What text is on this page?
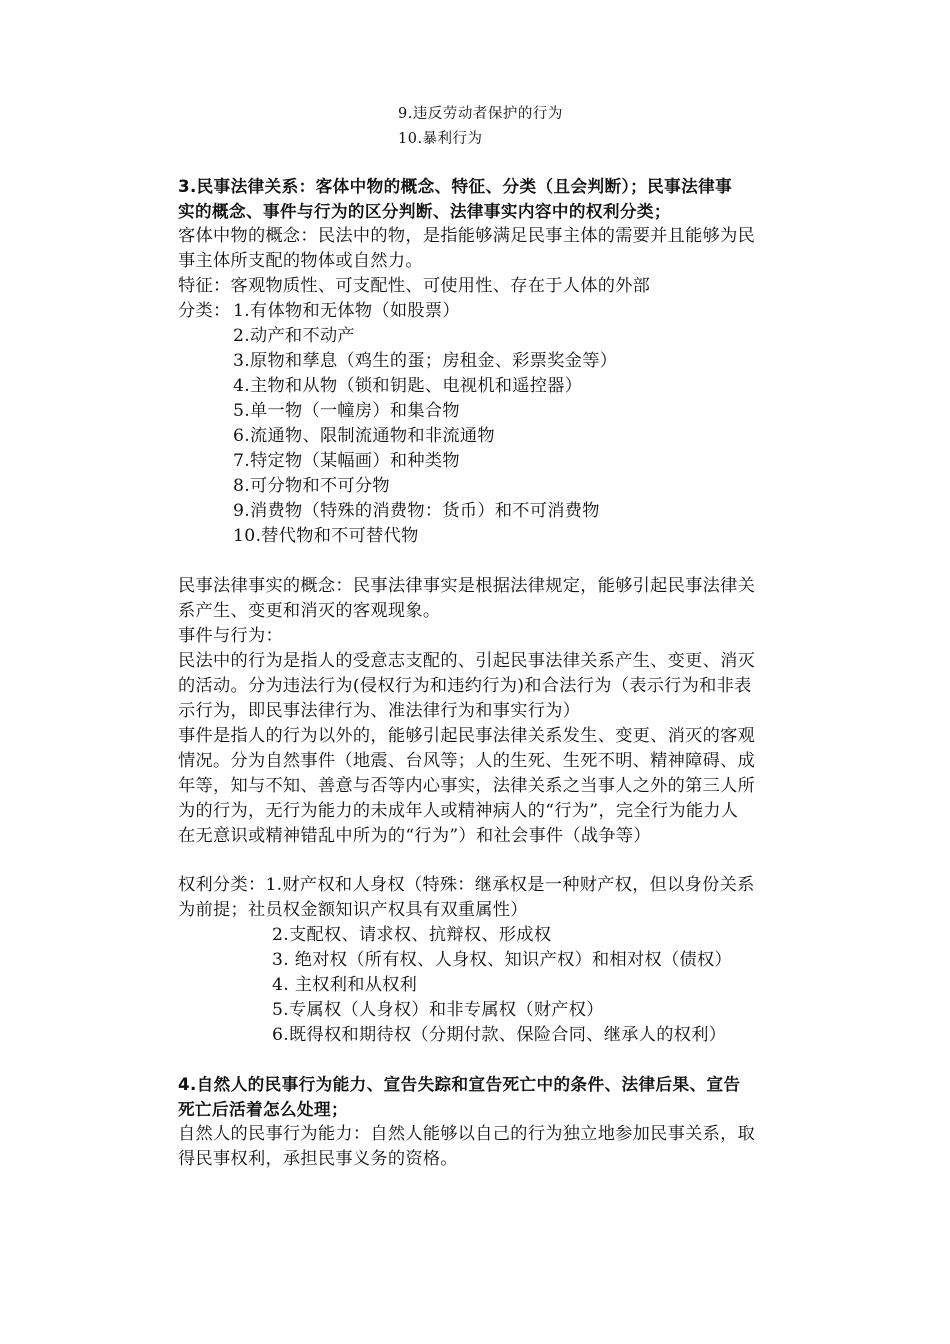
9.违反劳动者保护的行为

10.暴利行为

3.民事法律关系：客体中物的概念、特征、分类（且会判断）；民事法律事

实的概念、事件与行为的区分判断、法律事实内容中的权利分类；

客体中物的概念：民法中的物，是指能够满足民事主体的需要并且能够为民

事主体所支配的物体或自然力。

特征：客观物质性、可支配性、可使用性、存在于人体的外部

分类： 1.有体物和无体物（如股票）

2.动产和不动产

3.原物和孳息（鸡生的蛋；房租金、彩票奖金等）

4.主物和从物（锁和钥匙、电视机和遥控器）

5.单一物（一幢房）和集合物

6.流通物、限制流通物和非流通物

7.特定物（某幅画）和种类物

8.可分物和不可分物

9.消费物（特殊的消费物：货币）和不可消费物

10.替代物和不可替代物

民事法律事实的概念：民事法律事实是根据法律规定，能够引起民事法律关

系产生、变更和消灭的客观现象。

事件与行为：

民法中的行为是指人的受意志支配的、引起民事法律关系产生、变更、消灭

的活动。分为违法行为(侵权行为和违约行为)和合法行为（表示行为和非表

示行为，即民事法律行为、准法律行为和事实行为）

事件是指人的行为以外的，能够引起民事法律关系发生、变更、消灭的客观

情况。分为自然事件（地震、台风等；人的生死、生死不明、精神障碍、成

年等，知与不知、善意与否等内心事实，法律关系之当事人之外的第三人所

为的行为，无行为能力的未成年人或精神病人的“行为”，完全行为能力人

在无意识或精神错乱中所为的“行为”）和社会事件（战争等）

权利分类：1.财产权和人身权（特殊：继承权是一种财产权，但以身份关系

为前提；社员权金额知识产权具有双重属性）

2.支配权、请求权、抗辩权、形成权

3. 绝对权（所有权、人身权、知识产权）和相对权（债权）

4. 主权利和从权利

5.专属权（人身权）和非专属权（财产权）

6.既得权和期待权（分期付款、保险合同、继承人的权利）

4.自然人的民事行为能力、宣告失踪和宣告死亡中的条件、法律后果、宣告

死亡后活着怎么处理；

自然人的民事行为能力：自然人能够以自己的行为独立地参加民事关系，取

得民事权利，承担民事义务的资格。
